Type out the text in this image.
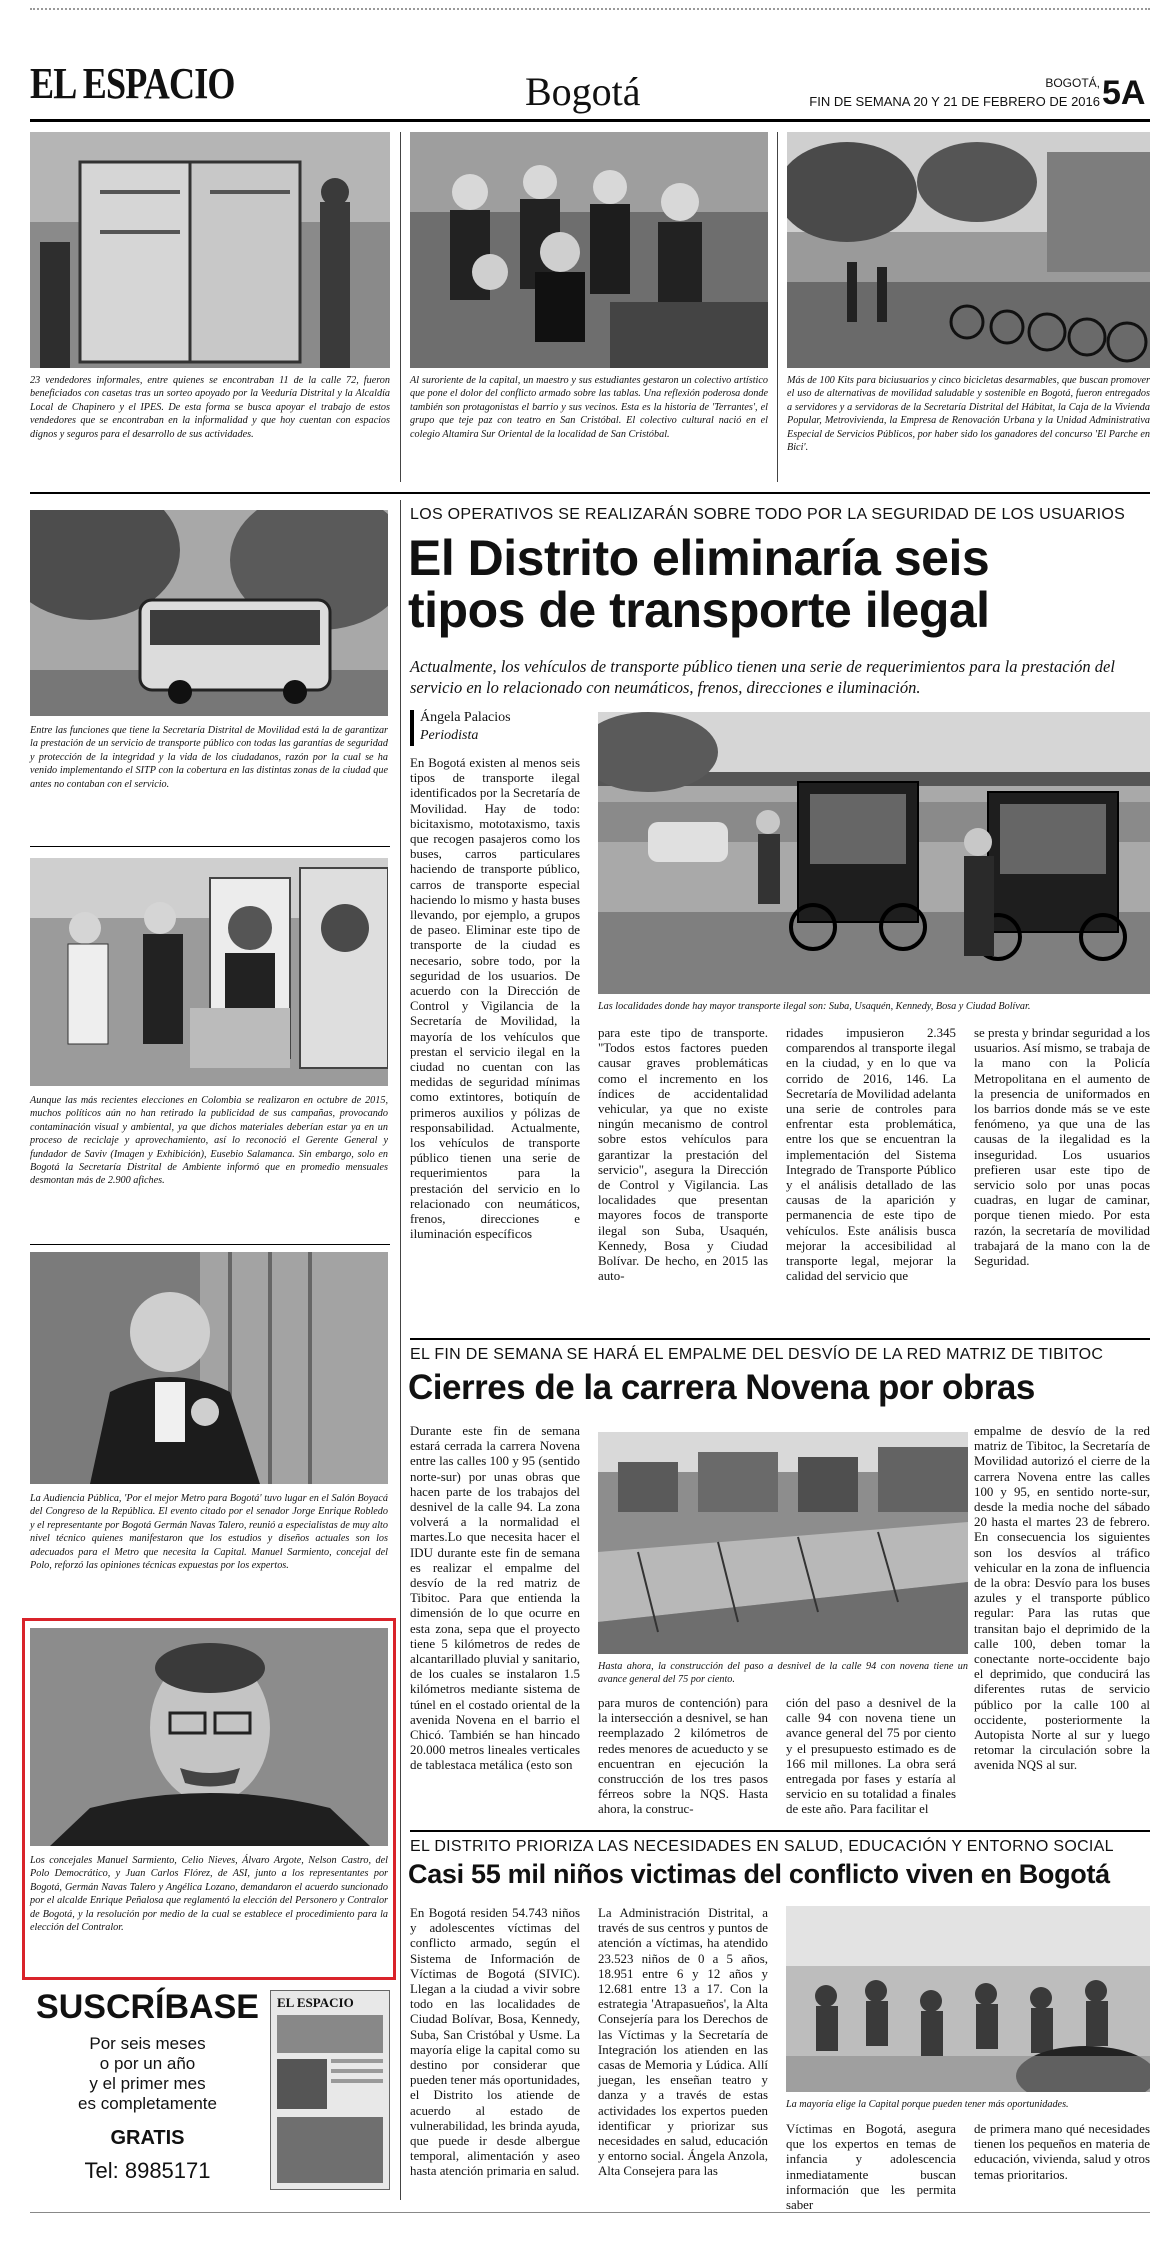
EL ESPACIO	Bogotá	BOGOTÁ,
FIN DE SEMANA 20 Y 21 DE FEBRERO DE 2016 5A
23 vendedores informales, entre quienes se encontraban 11 de la calle 72, fueron beneficiados con casetas tras un sorteo apoyado por la Veeduría Distrital y la Alcaldía Local de Chapinero y el IPES. De esta forma se busca apoyar el trabajo de estos vendedores que se encontraban en la informalidad y que hoy cuentan con espacios dignos y seguros para el desarrollo de sus actividades.
Al suroriente de la capital, un maestro y sus estudiantes gestaron un colectivo artístico que pone el dolor del conflicto armado sobre las tablas. Una reflexión poderosa donde también son protagonistas el barrio y sus vecinos. Esta es la historia de 'Terrantes', el grupo que teje paz con teatro en San Cristóbal. El colectivo cultural nació en el colegio Altamira Sur Oriental de la localidad de San Cristóbal.
Más de 100 Kits para biciusuarios y cinco bicicletas desarmables, que buscan promover el uso de alternativas de movilidad saludable y sostenible en Bogotá, fueron entregados a servidores y a servidoras de la Secretaría Distrital del Hábitat, la Caja de la Vivienda Popular, Metrovivienda, la Empresa de Renovación Urbana y la Unidad Administrativa Especial de Servicios Públicos, por haber sido los ganadores del concurso 'El Parche en Bici'.
Entre las funciones que tiene la Secretaría Distrital de Movilidad está la de garantizar la prestación de un servicio de transporte público con todas las garantías de seguridad y protección de la integridad y la vida de los ciudadanos, razón por la cual se ha venido implementando el SITP con la cobertura en las distintas zonas de la ciudad que antes no contaban con el servicio.
Aunque las más recientes elecciones en Colombia se realizaron en octubre de 2015, muchos políticos aún no han retirado la publicidad de sus campañas, provocando contaminación visual y ambiental, ya que dichos materiales deberían estar ya en un proceso de reciclaje y aprovechamiento, así lo reconoció el Gerente General y fundador de Saviv (Imagen y Exhibición), Eusebio Salamanca. Sin embargo, solo en Bogotá la Secretaría Distrital de Ambiente informó que en promedio mensuales desmontan más de 2.900 afiches.
La Audiencia Pública, 'Por el mejor Metro para Bogotá' tuvo lugar en el Salón Boyacá del Congreso de la República. El evento citado por el senador Jorge Enrique Robledo y el representante por Bogotá Germán Navas Talero, reunió a especialistas de muy alto nivel técnico quienes manifestaron que los estudios y diseños actuales son los adecuados para el Metro que necesita la Capital. Manuel Sarmiento, concejal del Polo, reforzó las opiniones técnicas expuestas por los expertos.
Los concejales Manuel Sarmiento, Celio Nieves, Álvaro Argote, Nelson Castro, del Polo Democrático, y Juan Carlos Flórez, de ASI, junto a los representantes por Bogotá, Germán Navas Talero y Angélica Lozano, demandaron el acuerdo suncionado por el alcalde Enrique Peñalosa que reglamentó la elección del Personero y Contralor de Bogotá, y la resolución por medio de la cual se establece el procedimiento para la elección del Contralor.
SUSCRÍBASE
Por seis meses
o por un año
y el primer mes
es completamente
GRATIS
Tel: 8985171
EL ESPACIO
LOS OPERATIVOS SE REALIZARÁN SOBRE TODO POR LA SEGURIDAD DE LOS USUARIOS
El Distrito eliminaría seis
tipos de transporte ilegal
Actualmente, los vehículos de transporte público tienen una serie de requerimientos para la prestación del servicio en lo relacionado con neumáticos, frenos, direcciones e iluminación.
Ángela Palacios
Periodista
En Bogotá existen al menos seis tipos de transporte ilegal identificados por la Secretaría de Movilidad. Hay de todo: bicitaxismo, mototaxismo, taxis que recogen pasajeros como los buses, carros particulares haciendo de transporte público, carros de transporte especial haciendo lo mismo y hasta buses llevando, por ejemplo, a grupos de paseo. Eliminar este tipo de transporte de la ciudad es necesario, sobre todo, por la seguridad de los usuarios. De acuerdo con la Dirección de Control y Vigilancia de la Secretaría de Movilidad, la mayoría de los vehículos que prestan el servicio ilegal en la ciudad no cuentan con las medidas de seguridad mínimas como extintores, botiquín de primeros auxilios y pólizas de responsabilidad. Actualmente, los vehículos de transporte público tienen una serie de requerimientos para la prestación del servicio en lo relacionado con neumáticos, frenos, direcciones e iluminación específicos
Las localidades donde hay mayor transporte ilegal son: Suba, Usaquén, Kennedy, Bosa y Ciudad Bolívar.
para este tipo de transporte. "Todos estos factores pueden causar graves problemáticas como el incremento en los índices de accidentalidad vehicular, ya que no existe ningún mecanismo de control sobre estos vehículos para garantizar la prestación del servicio", asegura la Dirección de Control y Vigilancia. Las localidades que presentan mayores focos de transporte ilegal son Suba, Usaquén, Kennedy, Bosa y Ciudad Bolívar. De hecho, en 2015 las auto-
ridades impusieron 2.345 comparendos al transporte ilegal en la ciudad, y en lo que va corrido de 2016, 146. La Secretaría de Movilidad adelanta una serie de controles para enfrentar esta problemática, entre los que se encuentran la implementación del Sistema Integrado de Transporte Público y el análisis detallado de las causas de la aparición y permanencia de este tipo de vehículos. Este análisis busca mejorar la accesibilidad al transporte legal, mejorar la calidad del servicio que
se presta y brindar seguridad a los usuarios. Así mismo, se trabaja de la mano con la Policía Metropolitana en el aumento de la presencia de uniformados en los barrios donde más se ve este fenómeno, ya que una de las causas de la ilegalidad es la inseguridad. Los usuarios prefieren usar este tipo de servicio solo por unas pocas cuadras, en lugar de caminar, porque tienen miedo. Por esta razón, la secretaría de movilidad trabajará de la mano con la de Seguridad.
EL FIN DE SEMANA SE HARÁ EL EMPALME DEL DESVÍO DE LA RED MATRIZ DE TIBITOC
Cierres de la carrera Novena por obras
Durante este fin de semana estará cerrada la carrera Novena entre las calles 100 y 95 (sentido norte-sur) por unas obras que hacen parte de los trabajos del desnivel de la calle 94. La zona volverá a la normalidad el martes.Lo que necesita hacer el IDU durante este fin de semana es realizar el empalme del desvío de la red matriz de Tibitoc. Para que entienda la dimensión de lo que ocurre en esta zona, sepa que el proyecto tiene 5 kilómetros de redes de alcantarillado pluvial y sanitario, de los cuales se instalaron 1.5 kilómetros mediante sistema de túnel en el costado oriental de la avenida Novena en el barrio el Chicó. También se han hincado 20.000 metros lineales verticales de tablestaca metálica (esto son
Hasta ahora, la construcción del paso a desnivel de la calle 94 con novena tiene un avance general del 75 por ciento.
para muros de contención) para la intersección a desnivel, se han reemplazado 2 kilómetros de redes menores de acueducto y se encuentran en ejecución la construcción de los tres pasos férreos sobre la NQS. Hasta ahora, la construc-
ción del paso a desnivel de la calle 94 con novena tiene un avance general del 75 por ciento y el presupuesto estimado es de 166 mil millones. La obra será entregada por fases y estaría al servicio en su totalidad a finales de este año. Para facilitar el
empalme de desvío de la red matriz de Tibitoc, la Secretaría de Movilidad autorizó el cierre de la carrera Novena entre las calles 100 y 95, en sentido norte-sur, desde la media noche del sábado 20 hasta el martes 23 de febrero. En consecuencia los siguientes son los desvíos al tráfico vehicular en la zona de influencia de la obra: Desvío para los buses azules y el transporte público regular: Para las rutas que transitan bajo el deprimido de la calle 100, deben tomar la conectante norte-occidente bajo el deprimido, que conducirá las diferentes rutas de servicio público por la calle 100 al occidente, posteriormente la Autopista Norte al sur y luego retomar la circulación sobre la avenida NQS al sur.
EL DISTRITO PRIORIZA LAS NECESIDADES EN SALUD, EDUCACIÓN Y ENTORNO SOCIAL
Casi 55 mil niños victimas del conflicto viven en Bogotá
En Bogotá residen 54.743 niños y adolescentes víctimas del conflicto armado, según el Sistema de Información de Víctimas de Bogotá (SIVIC). Llegan a la ciudad a vivir sobre todo en las localidades de Ciudad Bolívar, Bosa, Kennedy, Suba, San Cristóbal y Usme. La mayoría elige la capital como su destino por considerar que pueden tener más oportunidades, el Distrito los atiende de acuerdo al estado de vulnerabilidad, les brinda ayuda, que puede ir desde albergue temporal, alimentación y aseo hasta atención primaria en salud.
La Administración Distrital, a través de sus centros y puntos de atención a víctimas, ha atendido 23.523 niños de 0 a 5 años, 18.951 entre 6 y 12 años y 12.681 entre 13 a 17. Con la estrategia 'Atrapasueños', la Alta Consejería para los Derechos de las Víctimas y la Secretaría de Integración los atienden en las casas de Memoria y Lúdica. Allí juegan, les enseñan teatro y danza y a través de estas actividades los expertos pueden identificar y priorizar sus necesidades en salud, educación y entorno social. Ángela Anzola, Alta Consejera para las
La mayoría elige la Capital porque pueden tener más oportunidades.
Víctimas en Bogotá, asegura que los expertos en temas de infancia y adolescencia inmediatamente buscan información que les permita saber
de primera mano qué necesidades tienen los pequeños en materia de educación, vivienda, salud y otros temas prioritarios.
